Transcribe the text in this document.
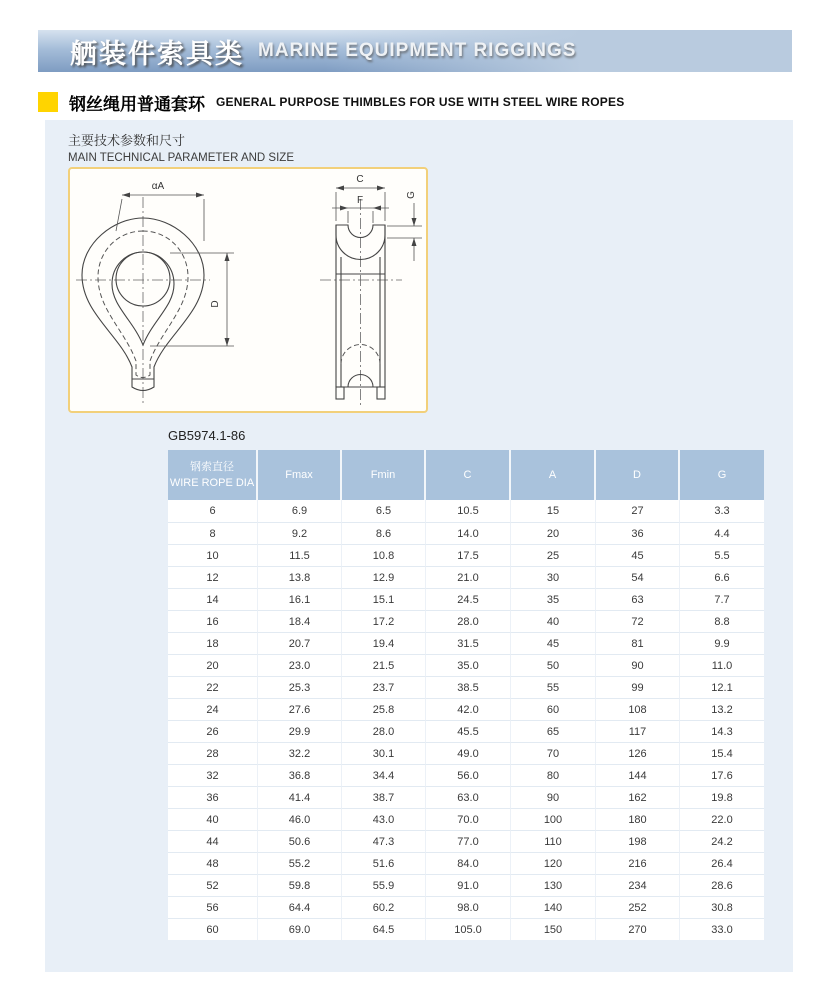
舾装件索具类 MARINE EQUIPMENT RIGGINGS
钢丝绳用普通套环 GENERAL PURPOSE THIMBLES FOR USE WITH STEEL WIRE ROPES
主要技术参数和尺寸
MAIN TECHNICAL PARAMETER AND SIZE
αA
D
C
F	G
GB5974.1-86
钢索直径
WIRE ROPE DIA	Fmax	Fmin	C	A	D	G
6	6.9	6.5	10.5	15	27	3.3
8	9.2	8.6	14.0	20	36	4.4
10	11.5	10.8	17.5	25	45	5.5
12	13.8	12.9	21.0	30	54	6.6
14	16.1	15.1	24.5	35	63	7.7
16	18.4	17.2	28.0	40	72	8.8
18	20.7	19.4	31.5	45	81	9.9
20	23.0	21.5	35.0	50	90	11.0
22	25.3	23.7	38.5	55	99	12.1
24	27.6	25.8	42.0	60	108	13.2
26	29.9	28.0	45.5	65	117	14.3
28	32.2	30.1	49.0	70	126	15.4
32	36.8	34.4	56.0	80	144	17.6
36	41.4	38.7	63.0	90	162	19.8
40	46.0	43.0	70.0	100	180	22.0
44	50.6	47.3	77.0	110	198	24.2
48	55.2	51.6	84.0	120	216	26.4
52	59.8	55.9	91.0	130	234	28.6
56	64.4	60.2	98.0	140	252	30.8
60	69.0	64.5	105.0	150	270	33.0
